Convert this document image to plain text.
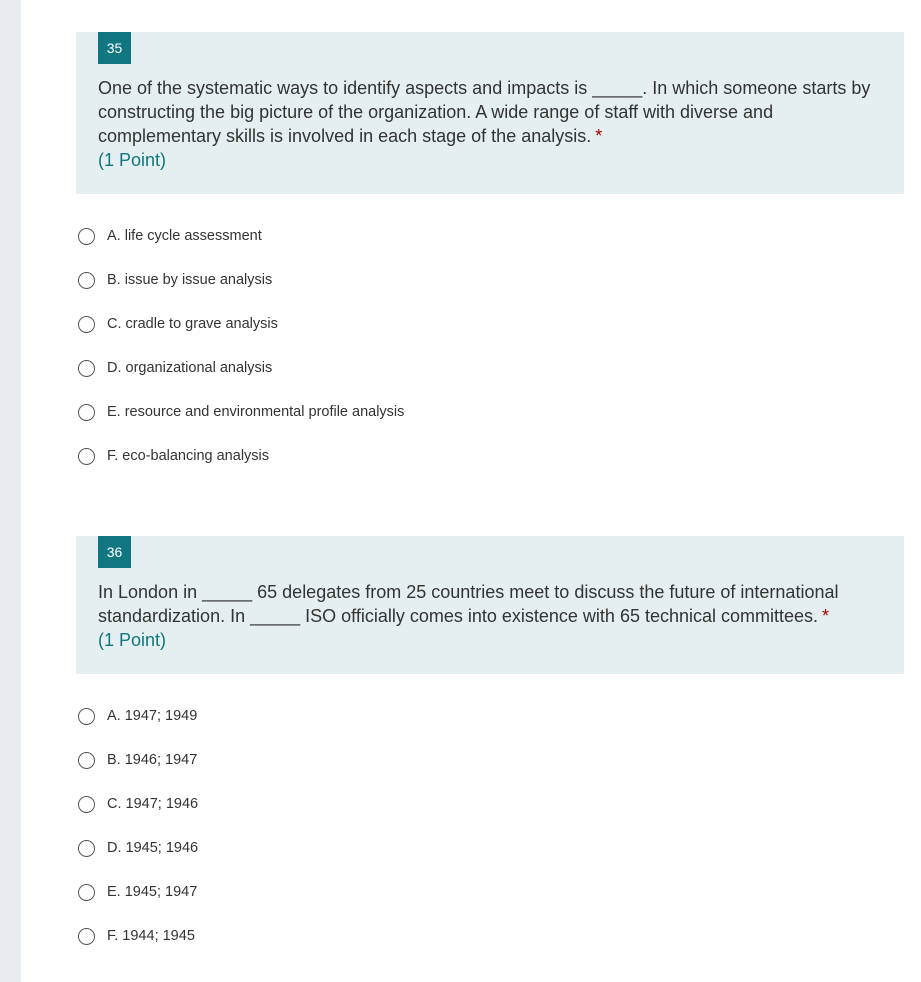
35
One of the systematic ways to identify aspects and impacts is _____. In which someone starts by constructing the big picture of the organization. A wide range of staff with diverse and complementary skills is involved in each stage of the analysis. *
(1 Point)
A. life cycle assessment
B. issue by issue analysis
C. cradle to grave analysis
D. organizational analysis
E. resource and environmental profile analysis
F. eco-balancing analysis
36
In London in _____ 65 delegates from 25 countries meet to discuss the future of international standardization. In _____ ISO officially comes into existence with 65 technical committees. *
(1 Point)
A. 1947; 1949
B. 1946; 1947
C. 1947; 1946
D. 1945; 1946
E. 1945; 1947
F. 1944; 1945
